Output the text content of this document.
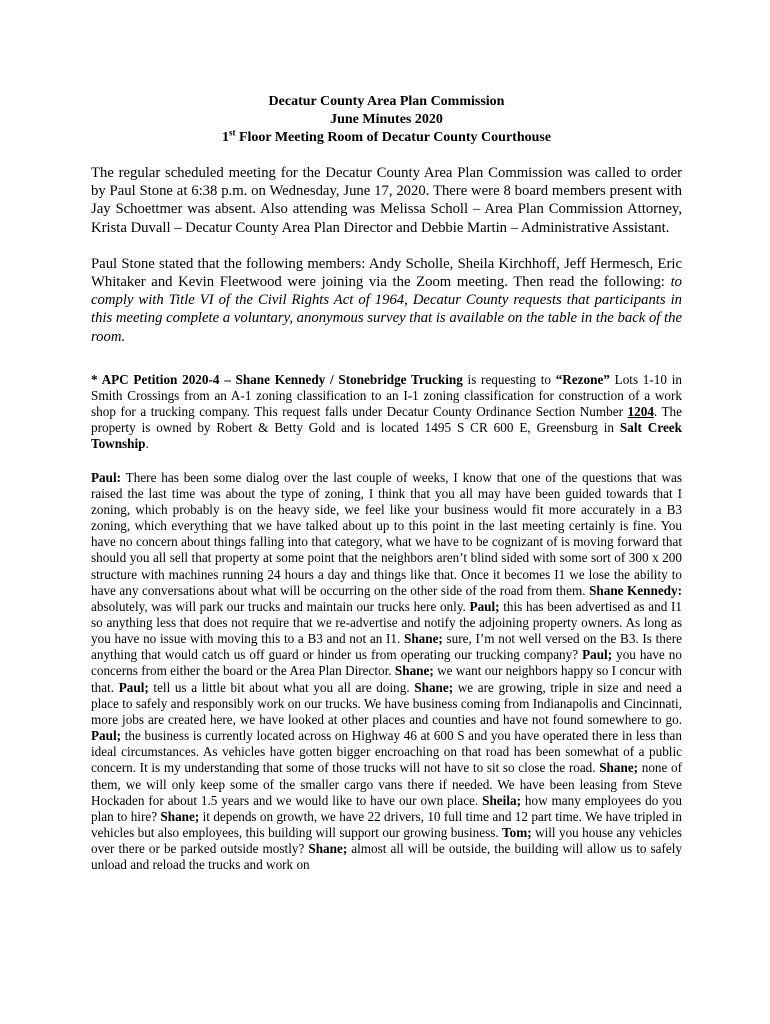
Decatur County Area Plan Commission
June Minutes 2020
1st Floor Meeting Room of Decatur County Courthouse

The regular scheduled meeting for the Decatur County Area Plan Commission was called to order by Paul Stone at 6:38 p.m. on Wednesday, June 17, 2020. There were 8 board members present with Jay Schoettmer was absent. Also attending was Melissa Scholl – Area Plan Commission Attorney, Krista Duvall – Decatur County Area Plan Director and Debbie Martin – Administrative Assistant.

Paul Stone stated that the following members: Andy Scholle, Sheila Kirchhoff, Jeff Hermesch, Eric Whitaker and Kevin Fleetwood were joining via the Zoom meeting. Then read the following: to comply with Title VI of the Civil Rights Act of 1964, Decatur County requests that participants in this meeting complete a voluntary, anonymous survey that is available on the table in the back of the room.

* APC Petition 2020-4 – Shane Kennedy / Stonebridge Trucking is requesting to “Rezone” Lots 1-10 in Smith Crossings from an A-1 zoning classification to an I-1 zoning classification for construction of a work shop for a trucking company. This request falls under Decatur County Ordinance Section Number 1204. The property is owned by Robert & Betty Gold and is located 1495 S CR 600 E, Greensburg in Salt Creek Township.

Paul: There has been some dialog over the last couple of weeks, I know that one of the questions that was raised the last time was about the type of zoning, I think that you all may have been guided towards that I zoning, which probably is on the heavy side, we feel like your business would fit more accurately in a B3 zoning, which everything that we have talked about up to this point in the last meeting certainly is fine. You have no concern about things falling into that category, what we have to be cognizant of is moving forward that should you all sell that property at some point that the neighbors aren’t blind sided with some sort of 300 x 200 structure with machines running 24 hours a day and things like that. Once it becomes I1 we lose the ability to have any conversations about what will be occurring on the other side of the road from them. Shane Kennedy: absolutely, was will park our trucks and maintain our trucks here only. Paul; this has been advertised as and I1 so anything less that does not require that we re-advertise and notify the adjoining property owners. As long as you have no issue with moving this to a B3 and not an I1. Shane; sure, I’m not well versed on the B3. Is there anything that would catch us off guard or hinder us from operating our trucking company? Paul; you have no concerns from either the board or the Area Plan Director. Shane; we want our neighbors happy so I concur with that. Paul; tell us a little bit about what you all are doing. Shane; we are growing, triple in size and need a place to safely and responsibly work on our trucks. We have business coming from Indianapolis and Cincinnati, more jobs are created here, we have looked at other places and counties and have not found somewhere to go. Paul; the business is currently located across on Highway 46 at 600 S and you have operated there in less than ideal circumstances. As vehicles have gotten bigger encroaching on that road has been somewhat of a public concern. It is my understanding that some of those trucks will not have to sit so close the road. Shane; none of them, we will only keep some of the smaller cargo vans there if needed. We have been leasing from Steve Hockaden for about 1.5 years and we would like to have our own place. Sheila; how many employees do you plan to hire? Shane; it depends on growth, we have 22 drivers, 10 full time and 12 part time. We have tripled in vehicles but also employees, this building will support our growing business. Tom; will you house any vehicles over there or be parked outside mostly? Shane; almost all will be outside, the building will allow us to safely unload and reload the trucks and work on
